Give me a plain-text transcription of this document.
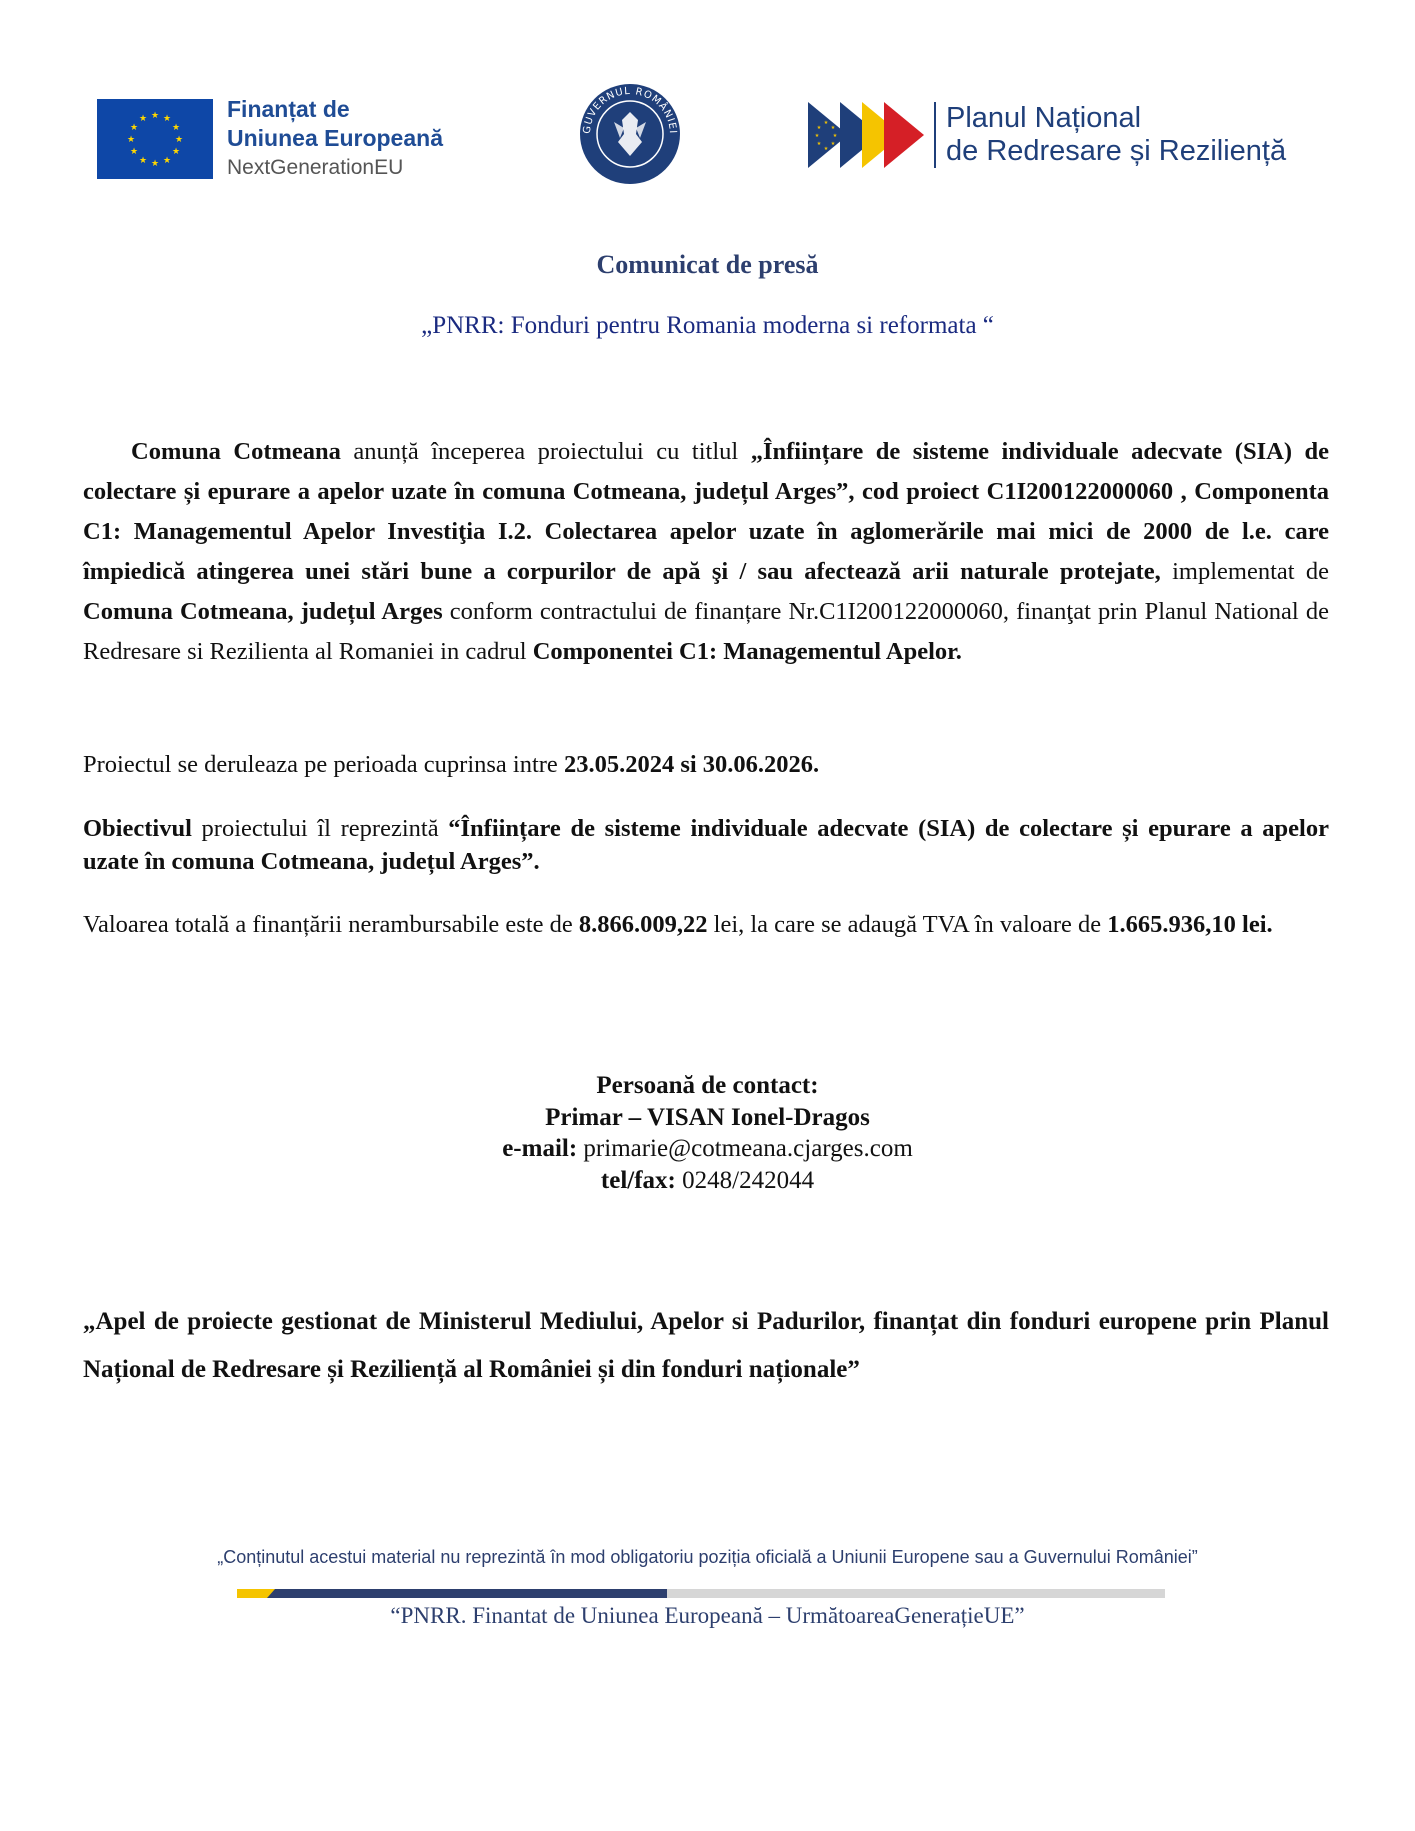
★ ★
★
★
★
★
★
★
★
★
★
★	Finanțat de
Uniunea Europeană
NextGenerationEU
GUVERNUL ROMÂNIEI
★
★
★
★
★
★
★
★	Planul Național
de Redresare și Reziliență
Comunicat de presă
„PNRR: Fonduri pentru Romania moderna si reformata “
Comuna Cotmeana anunță începerea proiectului cu titlul „Înființare de sisteme individuale adecvate (SIA) de colectare și epurare a apelor uzate în comuna Cotmeana, județul Arges”, cod proiect C1I200122000060 , Componenta C1: Managementul Apelor Investiţia I.2. Colectarea apelor uzate în aglomerările mai mici de 2000 de l.e. care împiedică atingerea unei stări bune a corpurilor de apă şi / sau afectează arii naturale protejate, implementat de Comuna Cotmeana, județul Arges conform contractului de finanțare Nr.C1I200122000060, finanţat prin Planul National de Redresare si Rezilienta al Romaniei in cadrul Componentei C1: Managementul Apelor.
Proiectul se deruleaza pe perioada cuprinsa intre 23.05.2024 si 30.06.2026.
Obiectivul proiectului îl reprezintă “Înființare de sisteme individuale adecvate (SIA) de colectare și epurare a apelor uzate în comuna Cotmeana, județul Arges”.
Valoarea totală a finanțării nerambursabile este de 8.866.009,22 lei, la care se adaugă TVA în valoare de 1.665.936,10 lei.
Persoană de contact:
Primar – VISAN Ionel-Dragos
e-mail: primarie@cotmeana.cjarges.com
tel/fax: 0248/242044
„Apel de proiecte gestionat de Ministerul Mediului, Apelor si Padurilor, finanțat din fonduri europene prin Planul Național de Redresare și Reziliență al României și din fonduri naționale”
„Conținutul acestui material nu reprezintă în mod obligatoriu poziția oficială a Uniunii Europene sau a Guvernului României”
“PNRR. Finantat de Uniunea Europeană – UrmătoareaGenerațieUE”
